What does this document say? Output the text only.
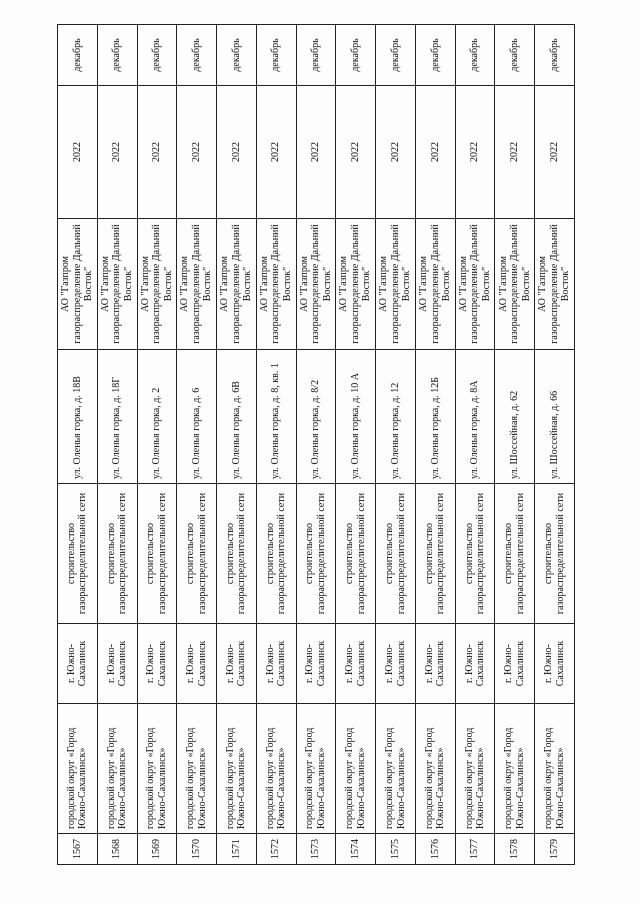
1567	городской округ «Город Южно-Сахалинск»	г. Южно-Сахалинск	строительство газораспределительной сети	ул. Оленья горка, д. 18В	АО "Газпром газораспределение Дальний Восток"	2022	декабрь
1568	городской округ «Город Южно-Сахалинск»	г. Южно-Сахалинск	строительство газораспределительной сети	ул. Оленья горка, д. 18Г	АО "Газпром газораспределение Дальний Восток"	2022	декабрь
1569	городской округ «Город Южно-Сахалинск»	г. Южно-Сахалинск	строительство газораспределительной сети	ул. Оленья горка, д. 2	АО "Газпром газораспределение Дальний Восток"	2022	декабрь
1570	городской округ «Город Южно-Сахалинск»	г. Южно-Сахалинск	строительство газораспределительной сети	ул. Оленья горка, д. 6	АО "Газпром газораспределение Дальний Восток"	2022	декабрь
1571	городской округ «Город Южно-Сахалинск»	г. Южно-Сахалинск	строительство газораспределительной сети	ул. Оленья горка, д. 6В	АО "Газпром газораспределение Дальний Восток"	2022	декабрь
1572	городской округ «Город Южно-Сахалинск»	г. Южно-Сахалинск	строительство газораспределительной сети	ул. Оленья горка, д. 8, кв. 1	АО "Газпром газораспределение Дальний Восток"	2022	декабрь
1573	городской округ «Город Южно-Сахалинск»	г. Южно-Сахалинск	строительство газораспределительной сети	ул. Оленья горка, д. 8/2	АО "Газпром газораспределение Дальний Восток"	2022	декабрь
1574	городской округ «Город Южно-Сахалинск»	г. Южно-Сахалинск	строительство газораспределительной сети	ул. Оленья горка, д. 10 А	АО "Газпром газораспределение Дальний Восток"	2022	декабрь
1575	городской округ «Город Южно-Сахалинск»	г. Южно-Сахалинск	строительство газораспределительной сети	ул. Оленья горка, д. 12	АО "Газпром газораспределение Дальний Восток"	2022	декабрь
1576	городской округ «Город Южно-Сахалинск»	г. Южно-Сахалинск	строительство газораспределительной сети	ул. Оленья горка, д. 12Б	АО "Газпром газораспределение Дальний Восток"	2022	декабрь
1577	городской округ «Город Южно-Сахалинск»	г. Южно-Сахалинск	строительство газораспределительной сети	ул. Оленья горка, д. 8А	АО "Газпром газораспределение Дальний Восток"	2022	декабрь
1578	городской округ «Город Южно-Сахалинск»	г. Южно-Сахалинск	строительство газораспределительной сети	ул. Шоссейная, д. 62	АО "Газпром газораспределение Дальний Восток"	2022	декабрь
1579	городской округ «Город Южно-Сахалинск»	г. Южно-Сахалинск	строительство газораспределительной сети	ул. Шоссейная, д. 66	АО "Газпром газораспределение Дальний Восток"	2022	декабрь
